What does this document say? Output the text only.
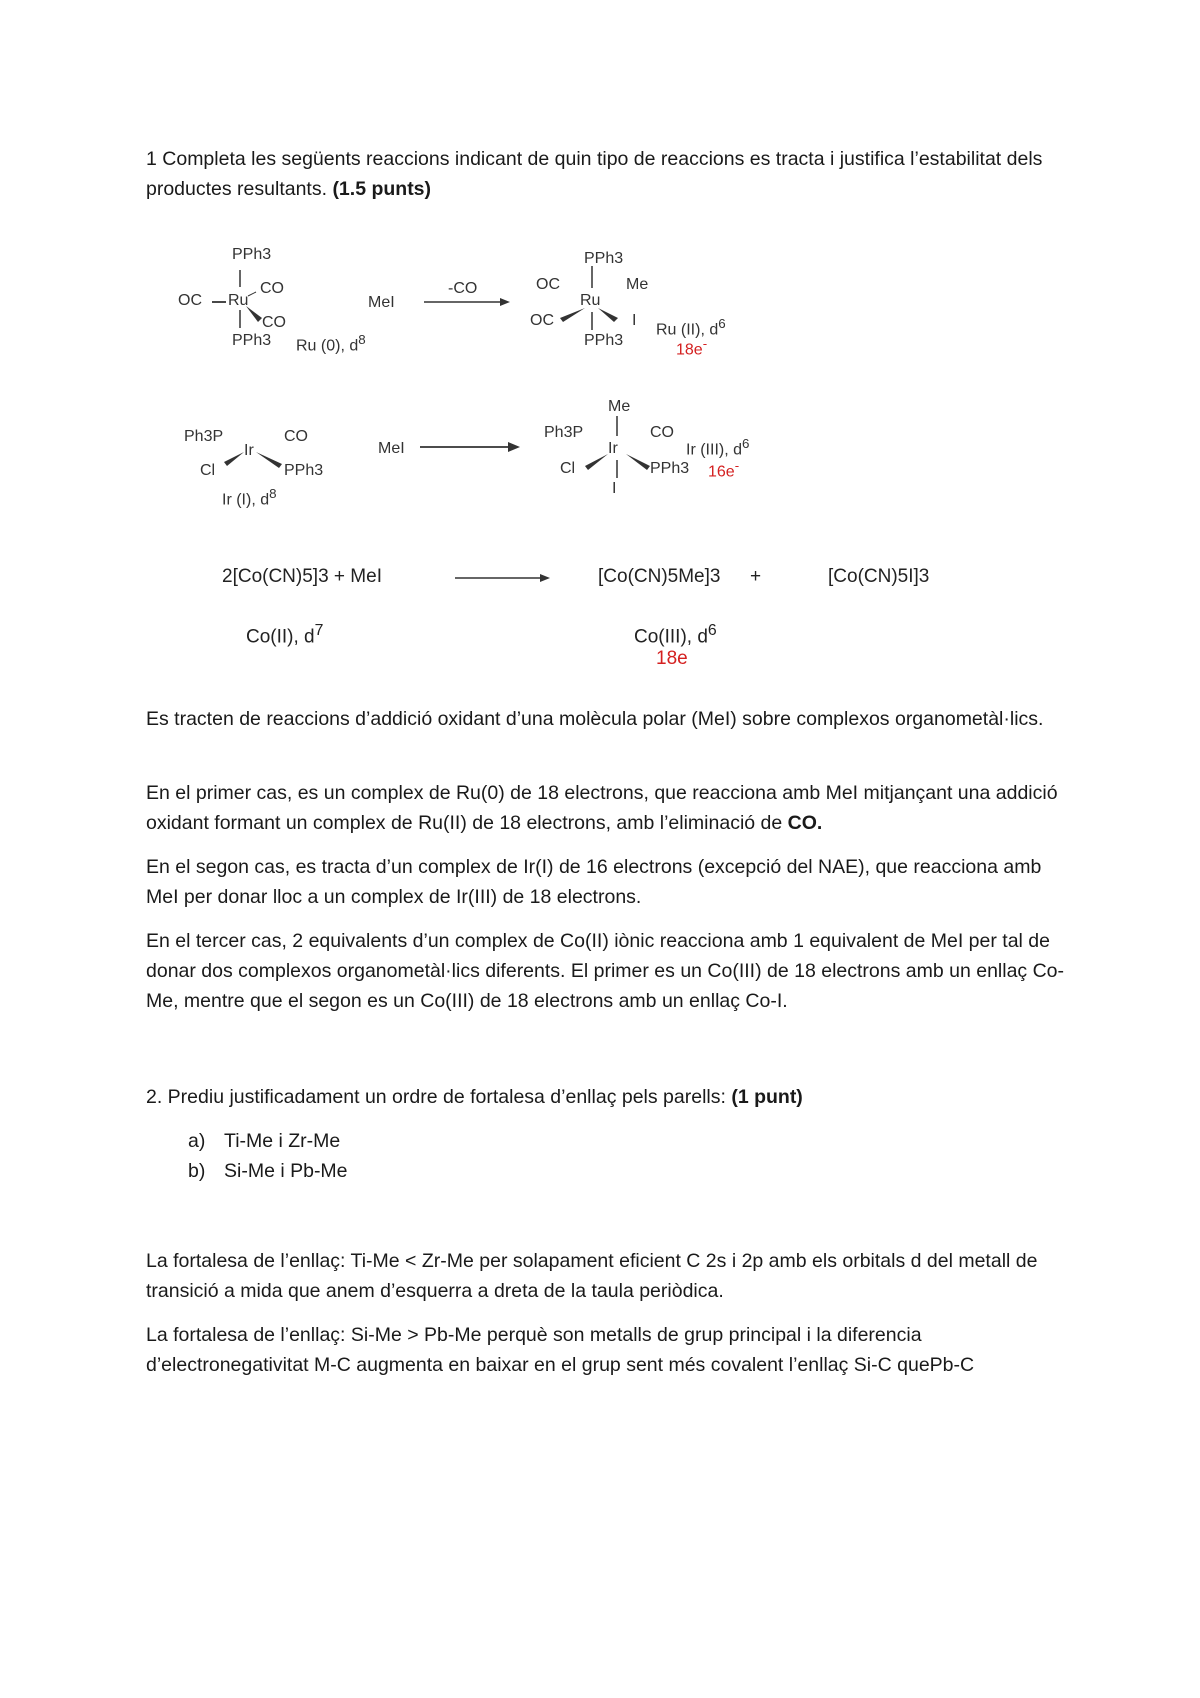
1 Completa les següents reaccions indicant de quin tipo de reaccions es tracta i justifica l’estabilitat dels productes resultants. (1.5 punts)

PPh3
OC Ru
CO
CO
PPh3 Ru (0), $d^8$
MeI
-CO
PPh3
OC	Me
Ru
OC	I
PPh3
Ru (II), $d^6$
18e-
Ph3P
Ir
CO
Cl	PPh3
Ir (I), $d^8$
MeI
Me
Ph3P
Ir
CO
Cl	PPh3
I
Ir (III), $d^6$
16e-
2[Co(CN)5]3 + MeI	[Co(CN)5Me]3 +	[Co(CN)5I]3
Co(II), $d^7$	Co(III), $d^6$
18e

Es tracten de reaccions d’addició oxidant d’una molècula polar (MeI) sobre complexos organometàl·lics.

En el primer cas, es un complex de Ru(0) de 18 electrons, que reacciona amb MeI mitjançant una addició oxidant formant un complex de Ru(II) de 18 electrons, amb l’eliminació de CO.

En el segon cas, es tracta d’un complex de Ir(I) de 16 electrons (excepció del NAE), que reacciona amb MeI per donar lloc a un complex de Ir(III) de 18 electrons.

En el tercer cas, 2 equivalents d’un complex de Co(II) iònic reacciona amb 1 equivalent de MeI per tal de donar dos complexos organometàl·lics diferents. El primer es un Co(III) de 18 electrons amb un enllaç Co-Me, mentre que el segon es un Co(III) de 18 electrons amb un enllaç Co-I.

2. Prediu justificadament un ordre de fortalesa d’enllaç pels parells: (1 punt)

a) Ti-Me i Zr-Me
b) Si-Me i Pb-Me

La fortalesa de l’enllaç: Ti-Me < Zr-Me per solapament eficient C 2s i 2p amb els orbitals d del metall de transició a mida que anem d’esquerra a dreta de la taula periòdica.

La fortalesa de l’enllaç: Si-Me > Pb-Me perquè son metalls de grup principal i la diferencia d’electronegativitat M-C augmenta en baixar en el grup sent més covalent l’enllaç Si-C quePb-C
